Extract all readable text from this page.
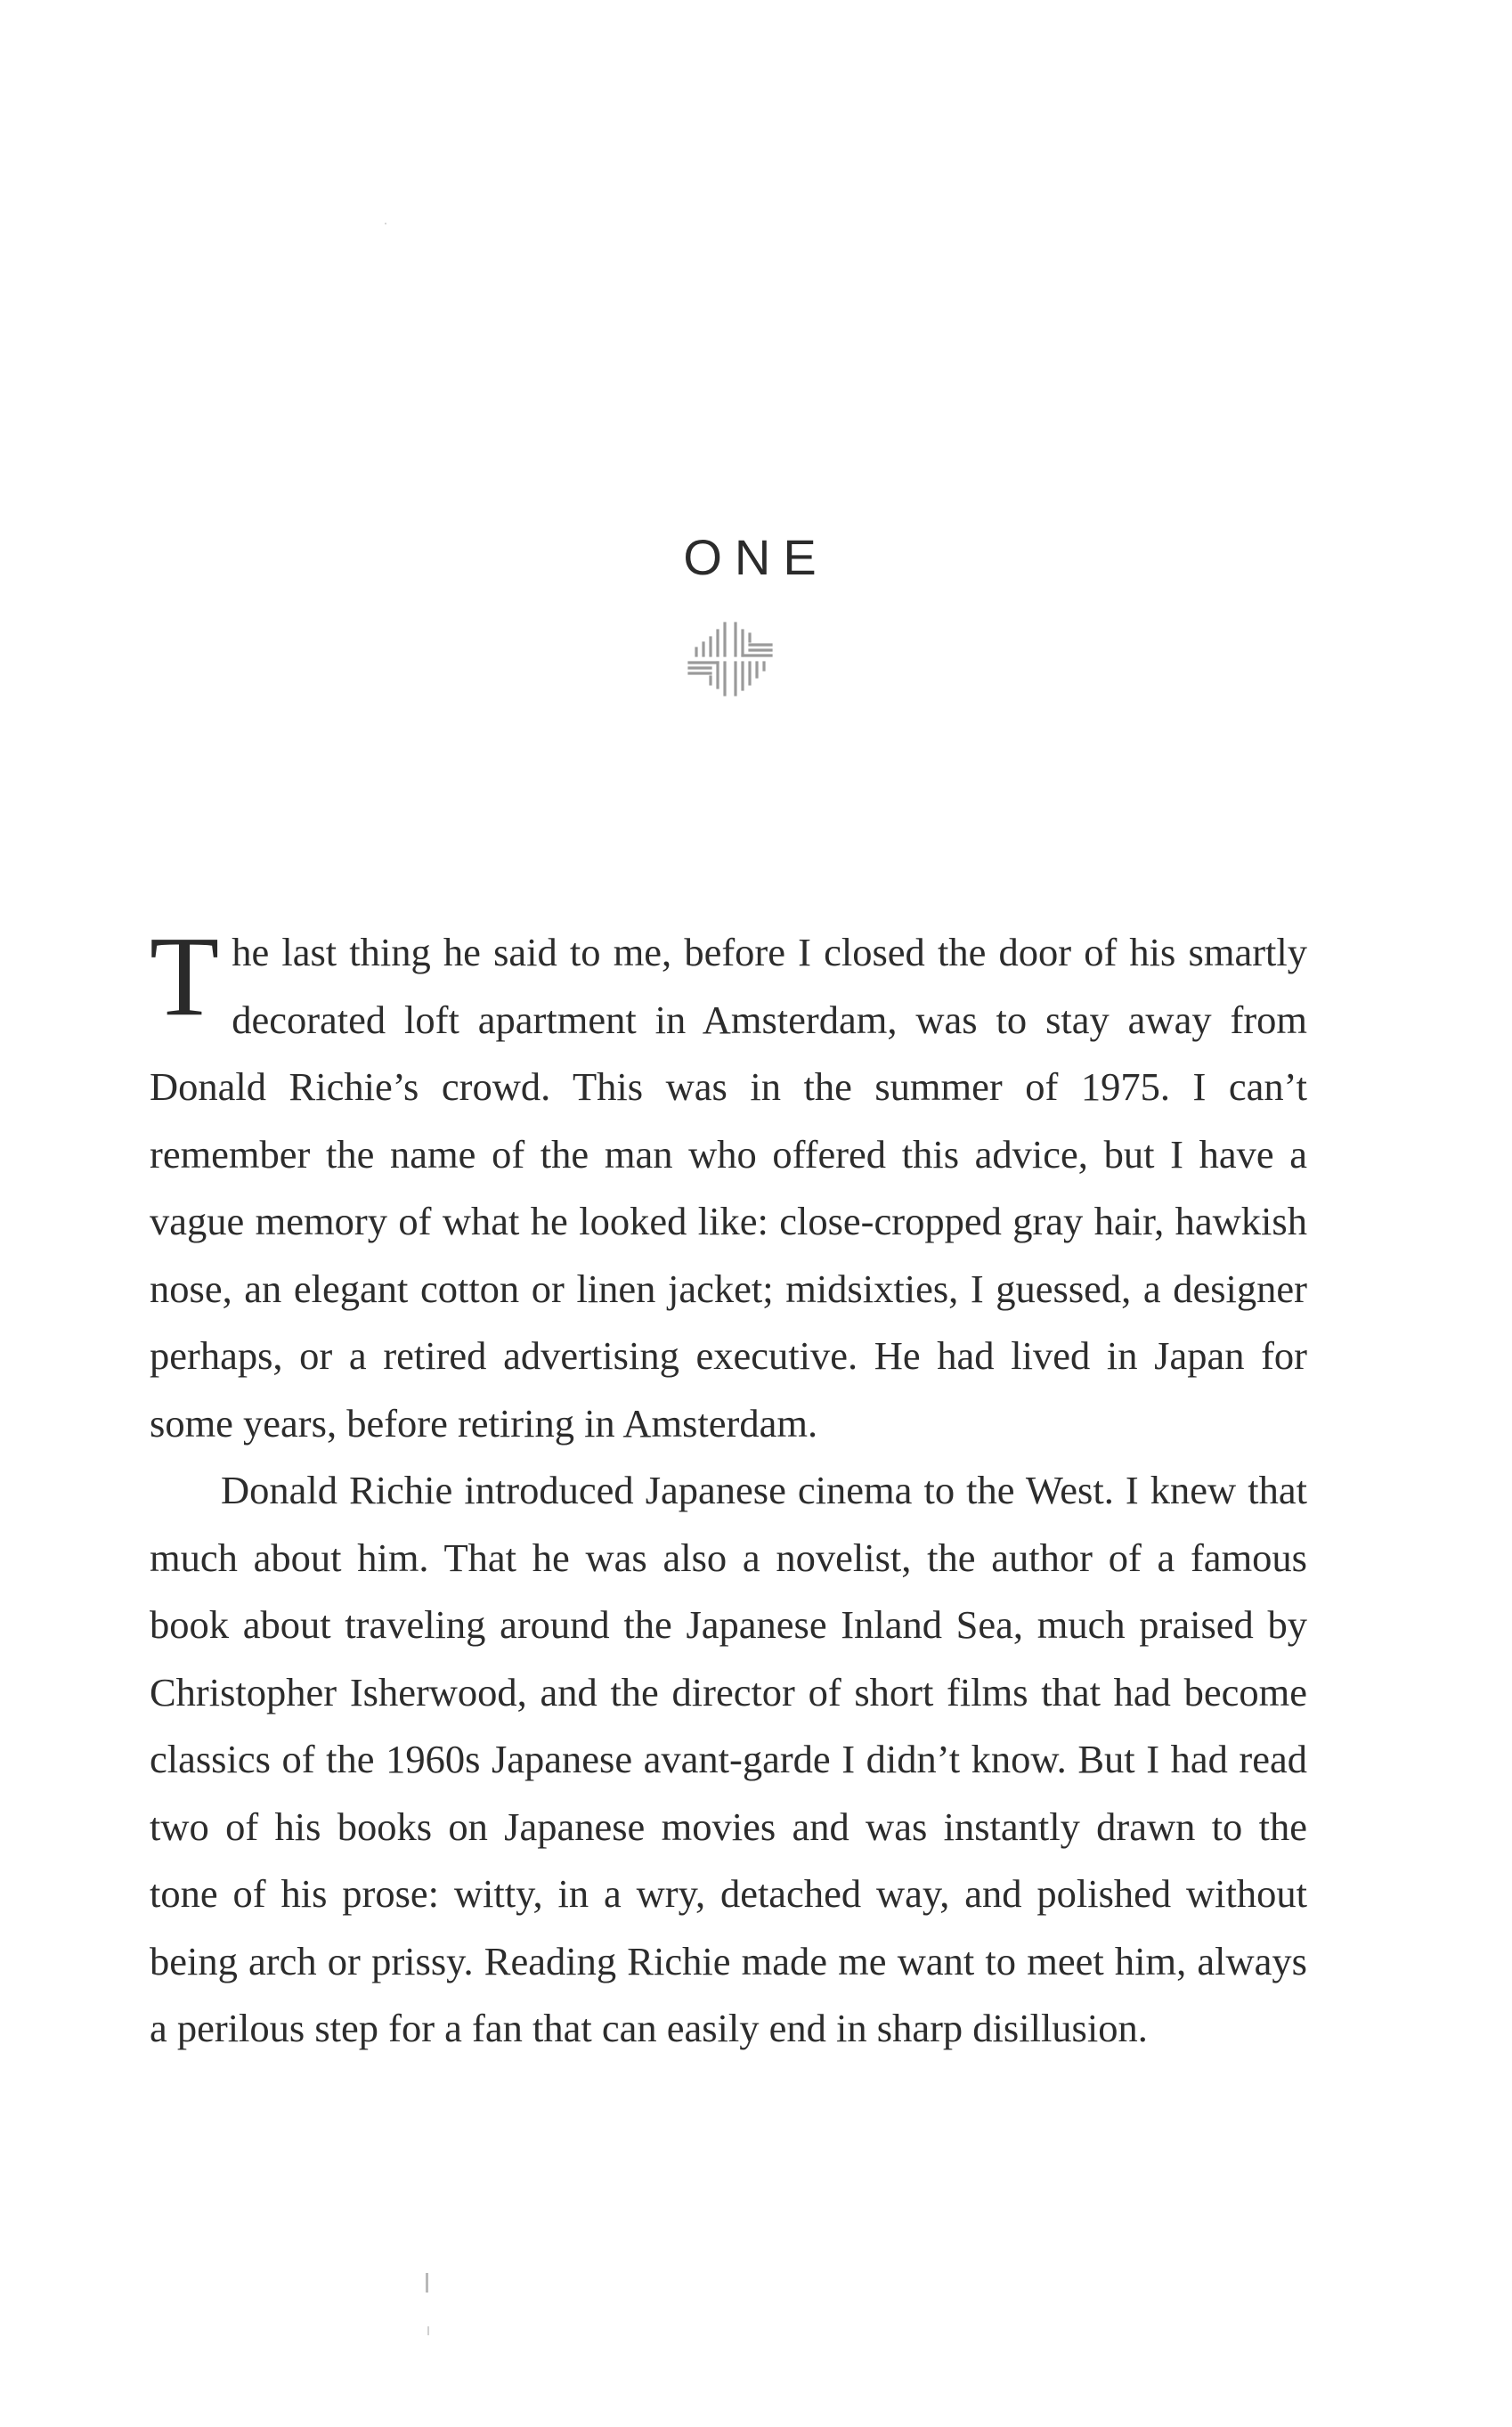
ONE

The last thing he said to me, before I closed the door of his smartly decorated loft apartment in Amsterdam, was to stay away from Donald Richie’s crowd. This was in the summer of 1975. I can’t remember the name of the man who offered this advice, but I have a vague memory of what he looked like: close-cropped gray hair, hawkish nose, an elegant cotton or linen jacket; midsixties, I guessed, a designer perhaps, or a retired advertising executive. He had lived in Japan for some years, before retiring in Amsterdam.

Donald Richie introduced Japanese cinema to the West. I knew that much about him. That he was also a novelist, the author of a famous book about traveling around the Japanese Inland Sea, much praised by Christopher Isherwood, and the director of short films that had become classics of the 1960s Japanese avant-garde I didn’t know. But I had read two of his books on Japanese movies and was instantly drawn to the tone of his prose: witty, in a wry, detached way, and polished without being arch or prissy. Reading Richie made me want to meet him, always a perilous step for a fan that can easily end in sharp disillusion.
